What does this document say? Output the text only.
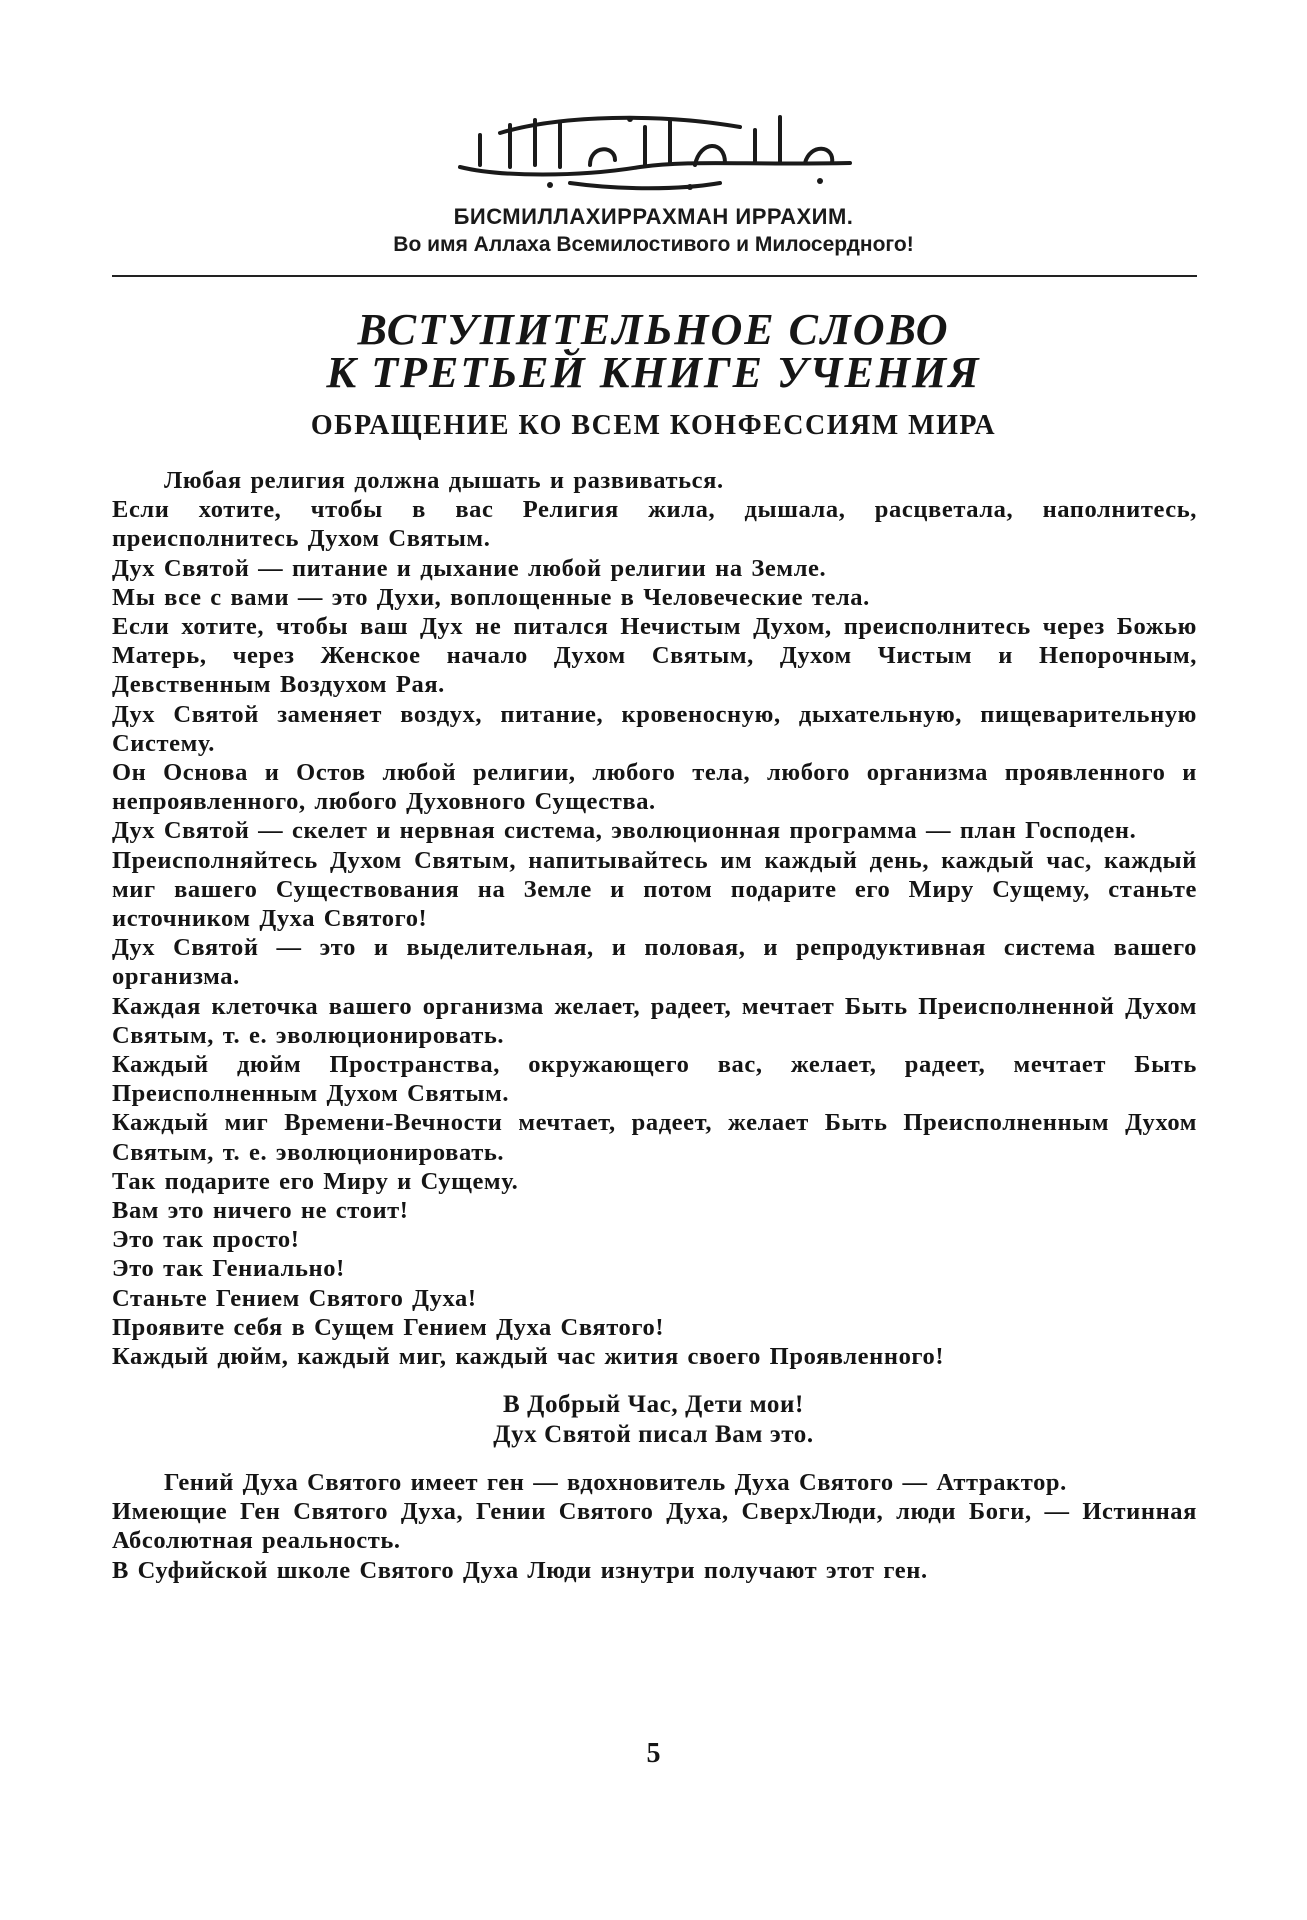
БИСМИЛЛАХИРРАХМАН ИРРАХИМ.
Во имя Аллаха Всемилостивого и Милосердного!
ВСТУПИТЕЛЬНОЕ СЛОВО
К ТРЕТЬЕЙ КНИГЕ УЧЕНИЯ
ОБРАЩЕНИЕ КО ВСЕМ КОНФЕССИЯМ МИРА

Любая религия должна дышать и развиваться.

Если хотите, чтобы в вас Религия жила, дышала, расцветала, наполнитесь, преисполнитесь Духом Святым.

Дух Святой — питание и дыхание любой религии на Земле.

Мы все с вами — это Духи, воплощенные в Человеческие тела.

Если хотите, чтобы ваш Дух не питался Нечистым Духом, преисполнитесь через Божью Матерь, через Женское начало Духом Святым, Духом Чистым и Непорочным, Девственным Воздухом Рая.

Дух Святой заменяет воздух, питание, кровеносную, дыхательную, пищеварительную Систему.

Он Основа и Остов любой религии, любого тела, любого организма проявленного и непроявленного, любого Духовного Существа.

Дух Святой — скелет и нервная система, эволюционная программа — план Господен.

Преисполняйтесь Духом Святым, напитывайтесь им каждый день, каждый час, каждый миг вашего Существования на Земле и потом подарите его Миру Сущему, станьте источником Духа Святого!

Дух Святой — это и выделительная, и половая, и репродуктивная система вашего организма.

Каждая клеточка вашего организма желает, радеет, мечтает Быть Преисполненной Духом Святым, т. е. эволюционировать.

Каждый дюйм Пространства, окружающего вас, желает, радеет, мечтает Быть Преисполненным Духом Святым.

Каждый миг Времени-Вечности мечтает, радеет, желает Быть Преисполненным Духом Святым, т. е. эволюционировать.

Так подарите его Миру и Сущему.

Вам это ничего не стоит!

Это так просто!

Это так Гениально!

Станьте Гением Святого Духа!

Проявите себя в Сущем Гением Духа Святого!

Каждый дюйм, каждый миг, каждый час жития своего Проявленного!

В Добрый Час, Дети мои!
Дух Святой писал Вам это.

Гений Духа Святого имеет ген — вдохновитель Духа Святого — Аттрактор.

Имеющие Ген Святого Духа, Гении Святого Духа, СверхЛюди, люди Боги, — Истинная Абсолютная реальность.

В Суфийской школе Святого Духа Люди изнутри получают этот ген.

5
